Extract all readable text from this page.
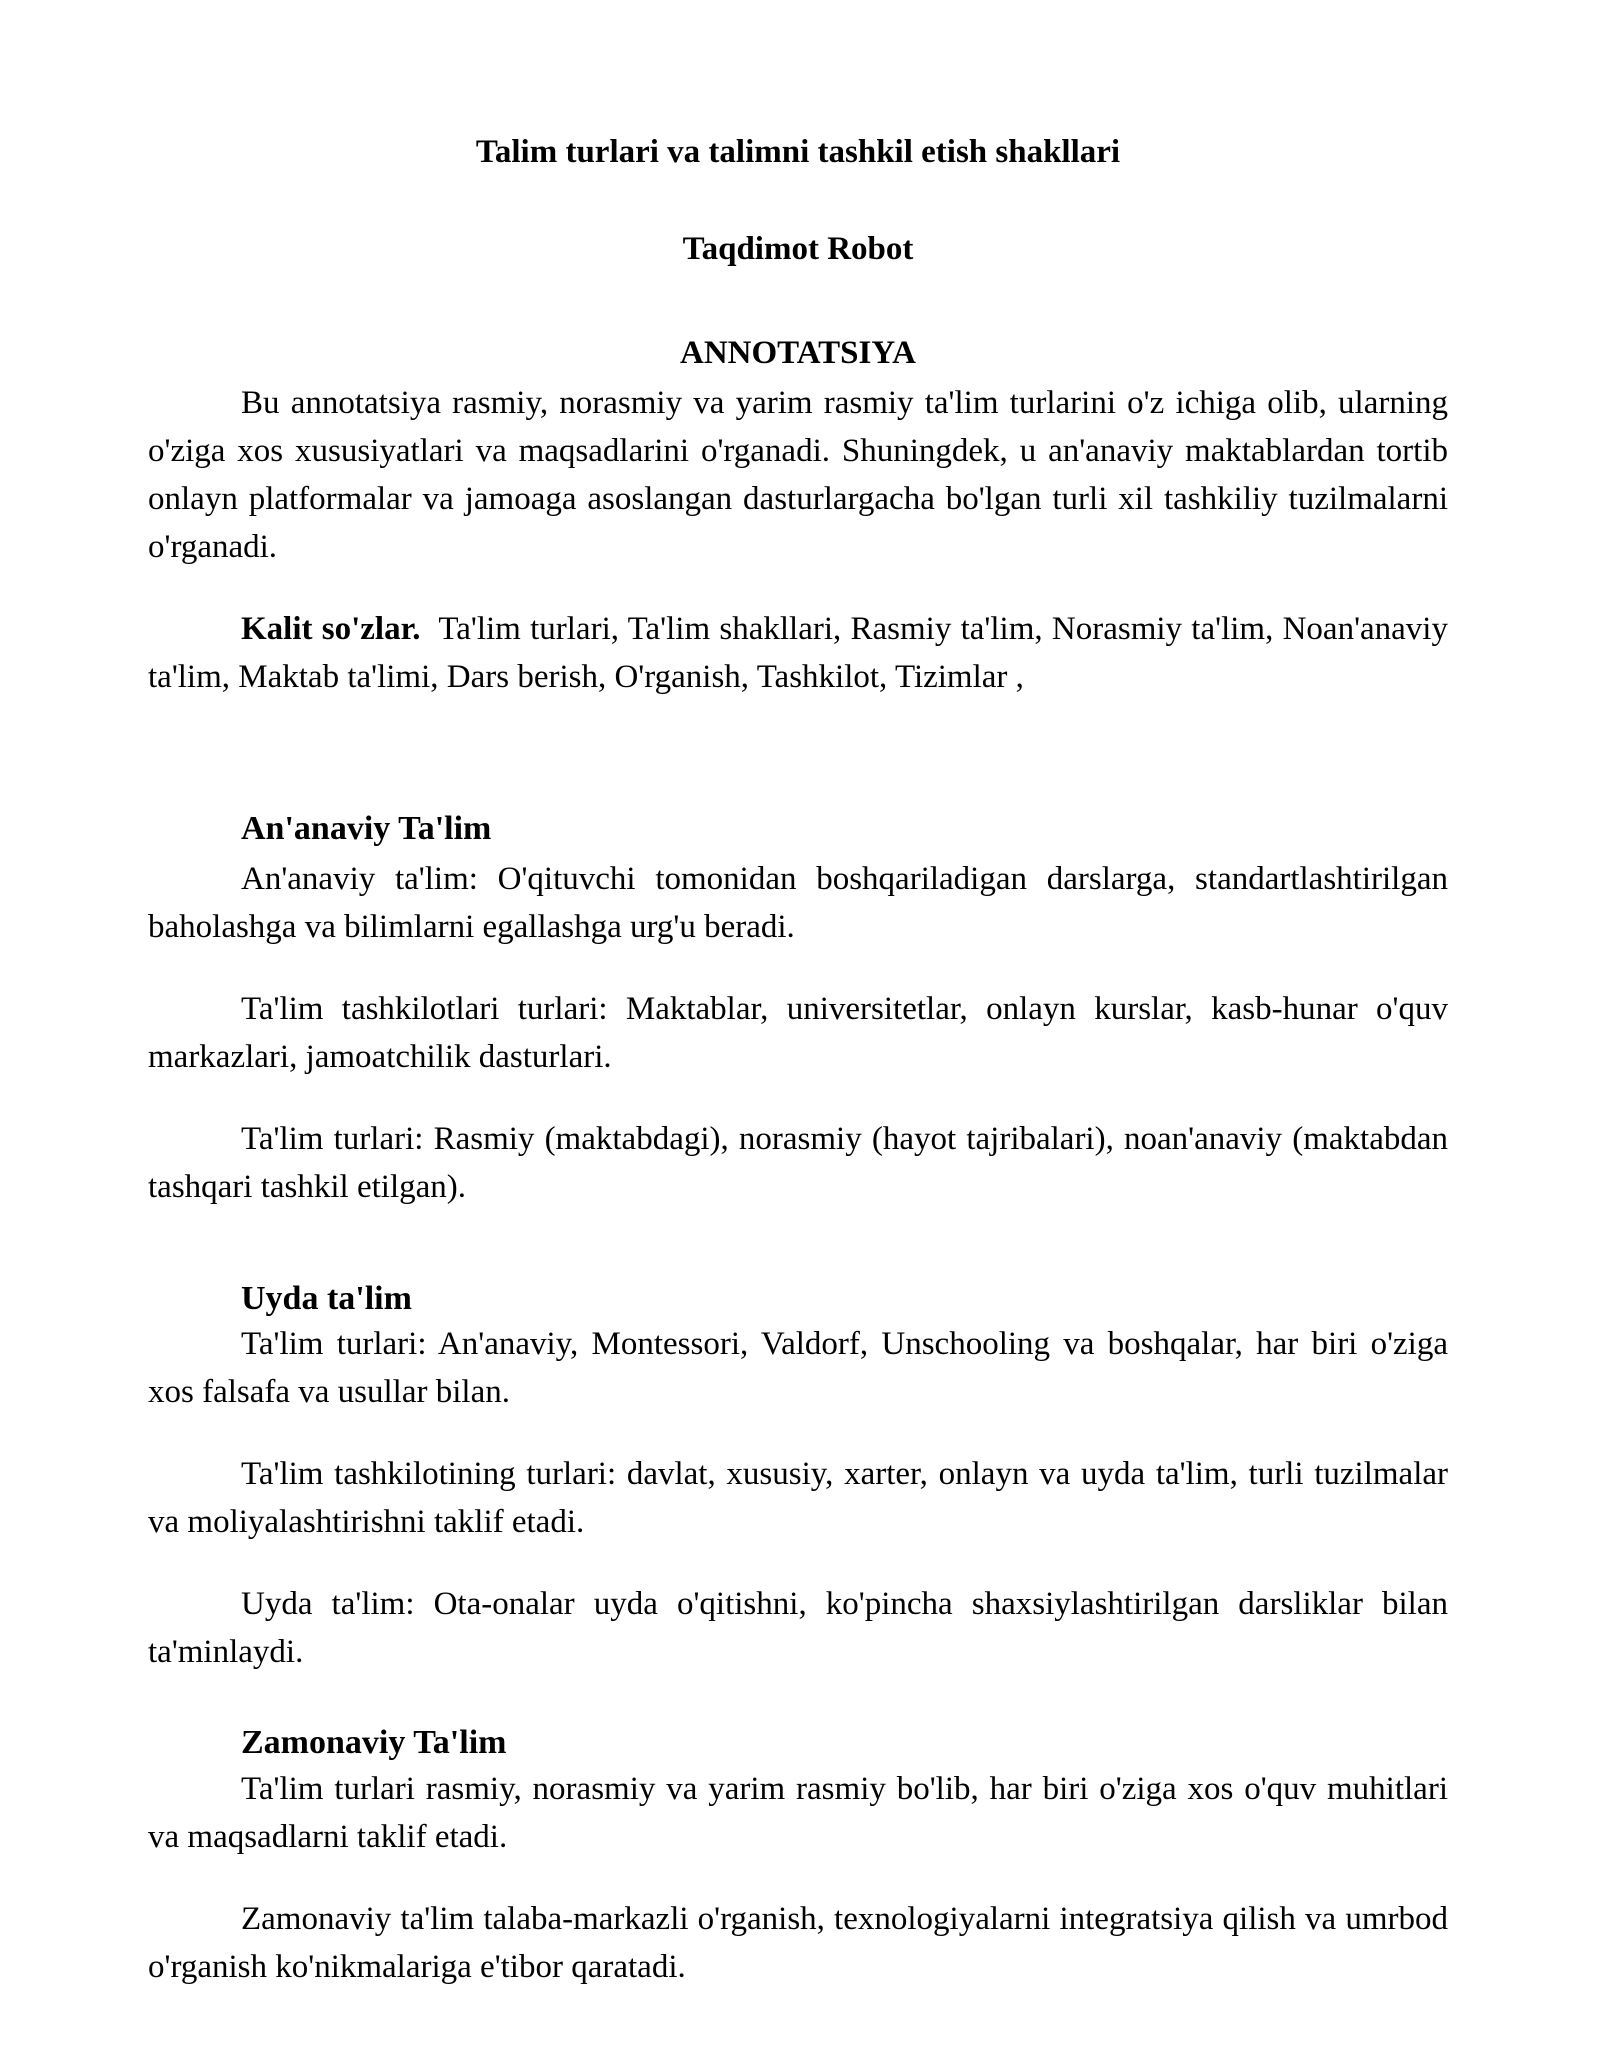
Talim turlari va talimni tashkil etish shakllari
Taqdimot Robot
ANNOTATSIYA

Bu annotatsiya rasmiy, norasmiy va yarim rasmiy ta'lim turlarini o'z ichiga olib, ularning o'ziga xos xususiyatlari va maqsadlarini o'rganadi. Shuningdek, u an'anaviy maktablardan tortib onlayn platformalar va jamoaga asoslangan dasturlargacha bo'lgan turli xil tashkiliy tuzilmalarni o'rganadi.

Kalit so'zlar. Ta'lim turlari, Ta'lim shakllari, Rasmiy ta'lim, Norasmiy ta'lim, Noan'anaviy ta'lim, Maktab ta'limi, Dars berish, O'rganish, Tashkilot, Tizimlar ,

An'anaviy Ta'lim

An'anaviy ta'lim: O'qituvchi tomonidan boshqariladigan darslarga, standartlashtirilgan baholashga va bilimlarni egallashga urg'u beradi.

Ta'lim tashkilotlari turlari: Maktablar, universitetlar, onlayn kurslar, kasb-hunar o'quv markazlari, jamoatchilik dasturlari.

Ta'lim turlari: Rasmiy (maktabdagi), norasmiy (hayot tajribalari), noan'anaviy (maktabdan tashqari tashkil etilgan).

Uyda ta'lim

Ta'lim turlari: An'anaviy, Montessori, Valdorf, Unschooling va boshqalar, har biri o'ziga xos falsafa va usullar bilan.

Ta'lim tashkilotining turlari: davlat, xususiy, xarter, onlayn va uyda ta'lim, turli tuzilmalar va moliyalashtirishni taklif etadi.

Uyda ta'lim: Ota-onalar uyda o'qitishni, ko'pincha shaxsiylashtirilgan darsliklar bilan ta'minlaydi.

Zamonaviy Ta'lim

Ta'lim turlari rasmiy, norasmiy va yarim rasmiy bo'lib, har biri o'ziga xos o'quv muhitlari va maqsadlarni taklif etadi.

Zamonaviy ta'lim talaba-markazli o'rganish, texnologiyalarni integratsiya qilish va umrbod o'rganish ko'nikmalariga e'tibor qaratadi.
